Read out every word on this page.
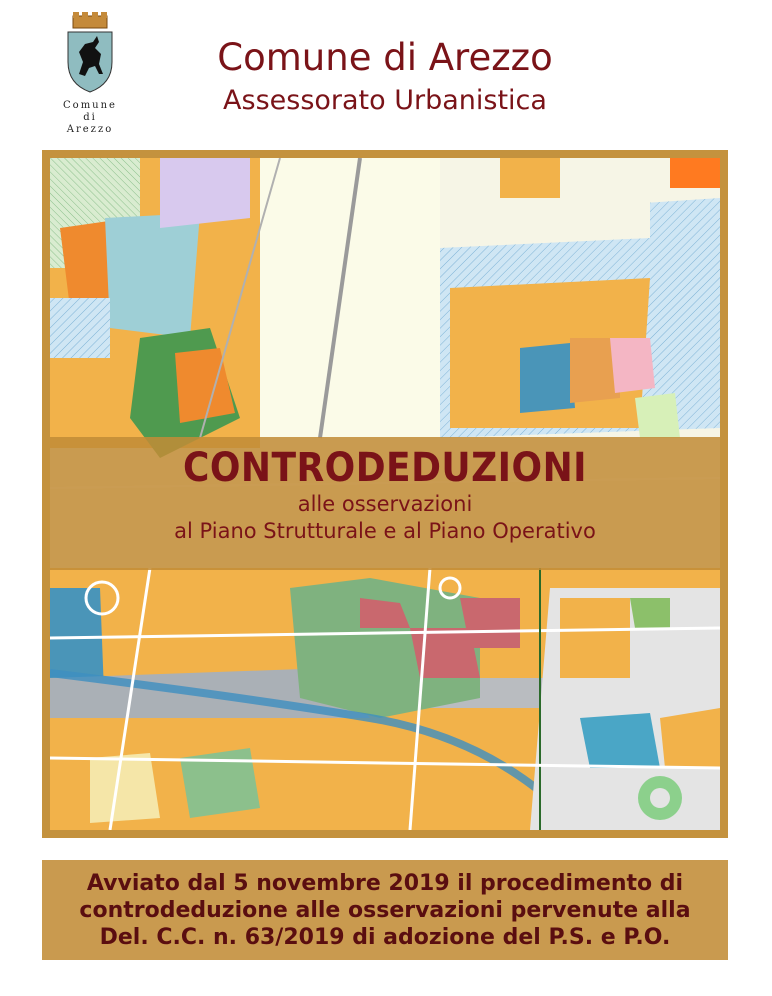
Comune
di
Arezzo
Comune di Arezzo
Assessorato Urbanistica
CONTRODEDUZIONI
alle osservazioni
al Piano Strutturale e al Piano Operativo
Avviato dal 5 novembre 2019 il procedimento di
controdeduzione alle osservazioni pervenute alla
Del. C.C. n. 63/2019 di adozione del P.S. e P.O.
